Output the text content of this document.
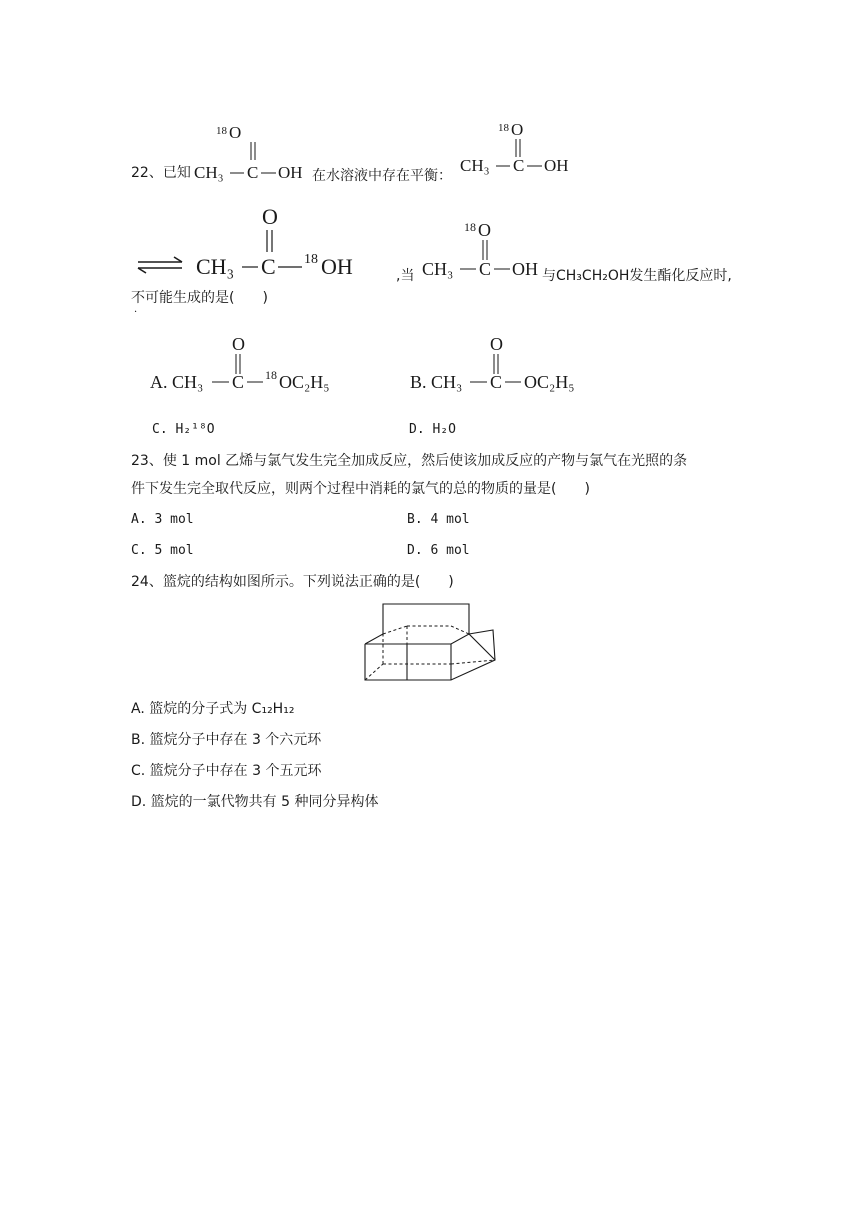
22、已知
18 O
CH₃ C OH 在水溶液中存在平衡：
18 O
CH₃ C OH
O
CH₃ C 18 OH	,当
18 O
CH₃ C OH 与CH₃CH₂OH发生酯化反应时,
不可能生成的是(　　)
·
O
A. CH₃ C 18 OC₂H₅
O
B. CH₃ C OC₂H₅
C. H₂¹⁸O	D. H₂O
23、使 1 mol 乙烯与氯气发生完全加成反应，然后使该加成反应的产物与氯气在光照的条
件下发生完全取代反应，则两个过程中消耗的氯气的总的物质的量是(　　)
A. 3 mol	B. 4 mol
C. 5 mol	D. 6 mol
24、篮烷的结构如图所示。下列说法正确的是(　　)
A. 篮烷的分子式为 C₁₂H₁₂
B. 篮烷分子中存在 3 个六元环
C. 篮烷分子中存在 3 个五元环
D. 篮烷的一氯代物共有 5 种同分异构体
